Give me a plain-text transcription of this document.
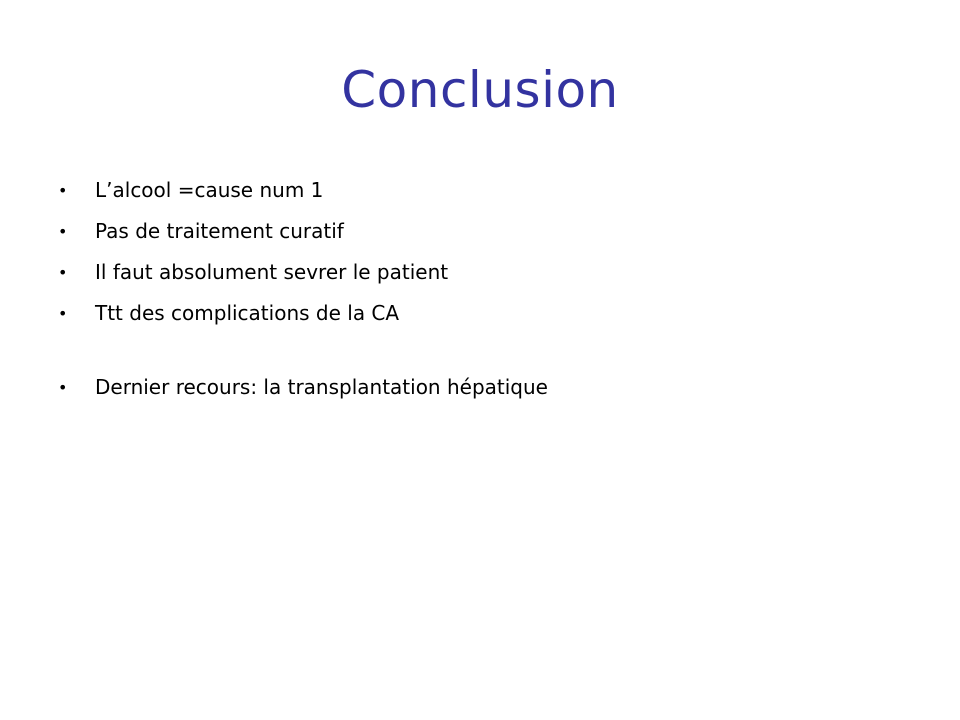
Conclusion
• L’alcool =cause num 1
• Pas de traitement curatif
• Il faut absolument sevrer le patient
• Ttt des complications de la CA
• Dernier recours: la transplantation hépatique
